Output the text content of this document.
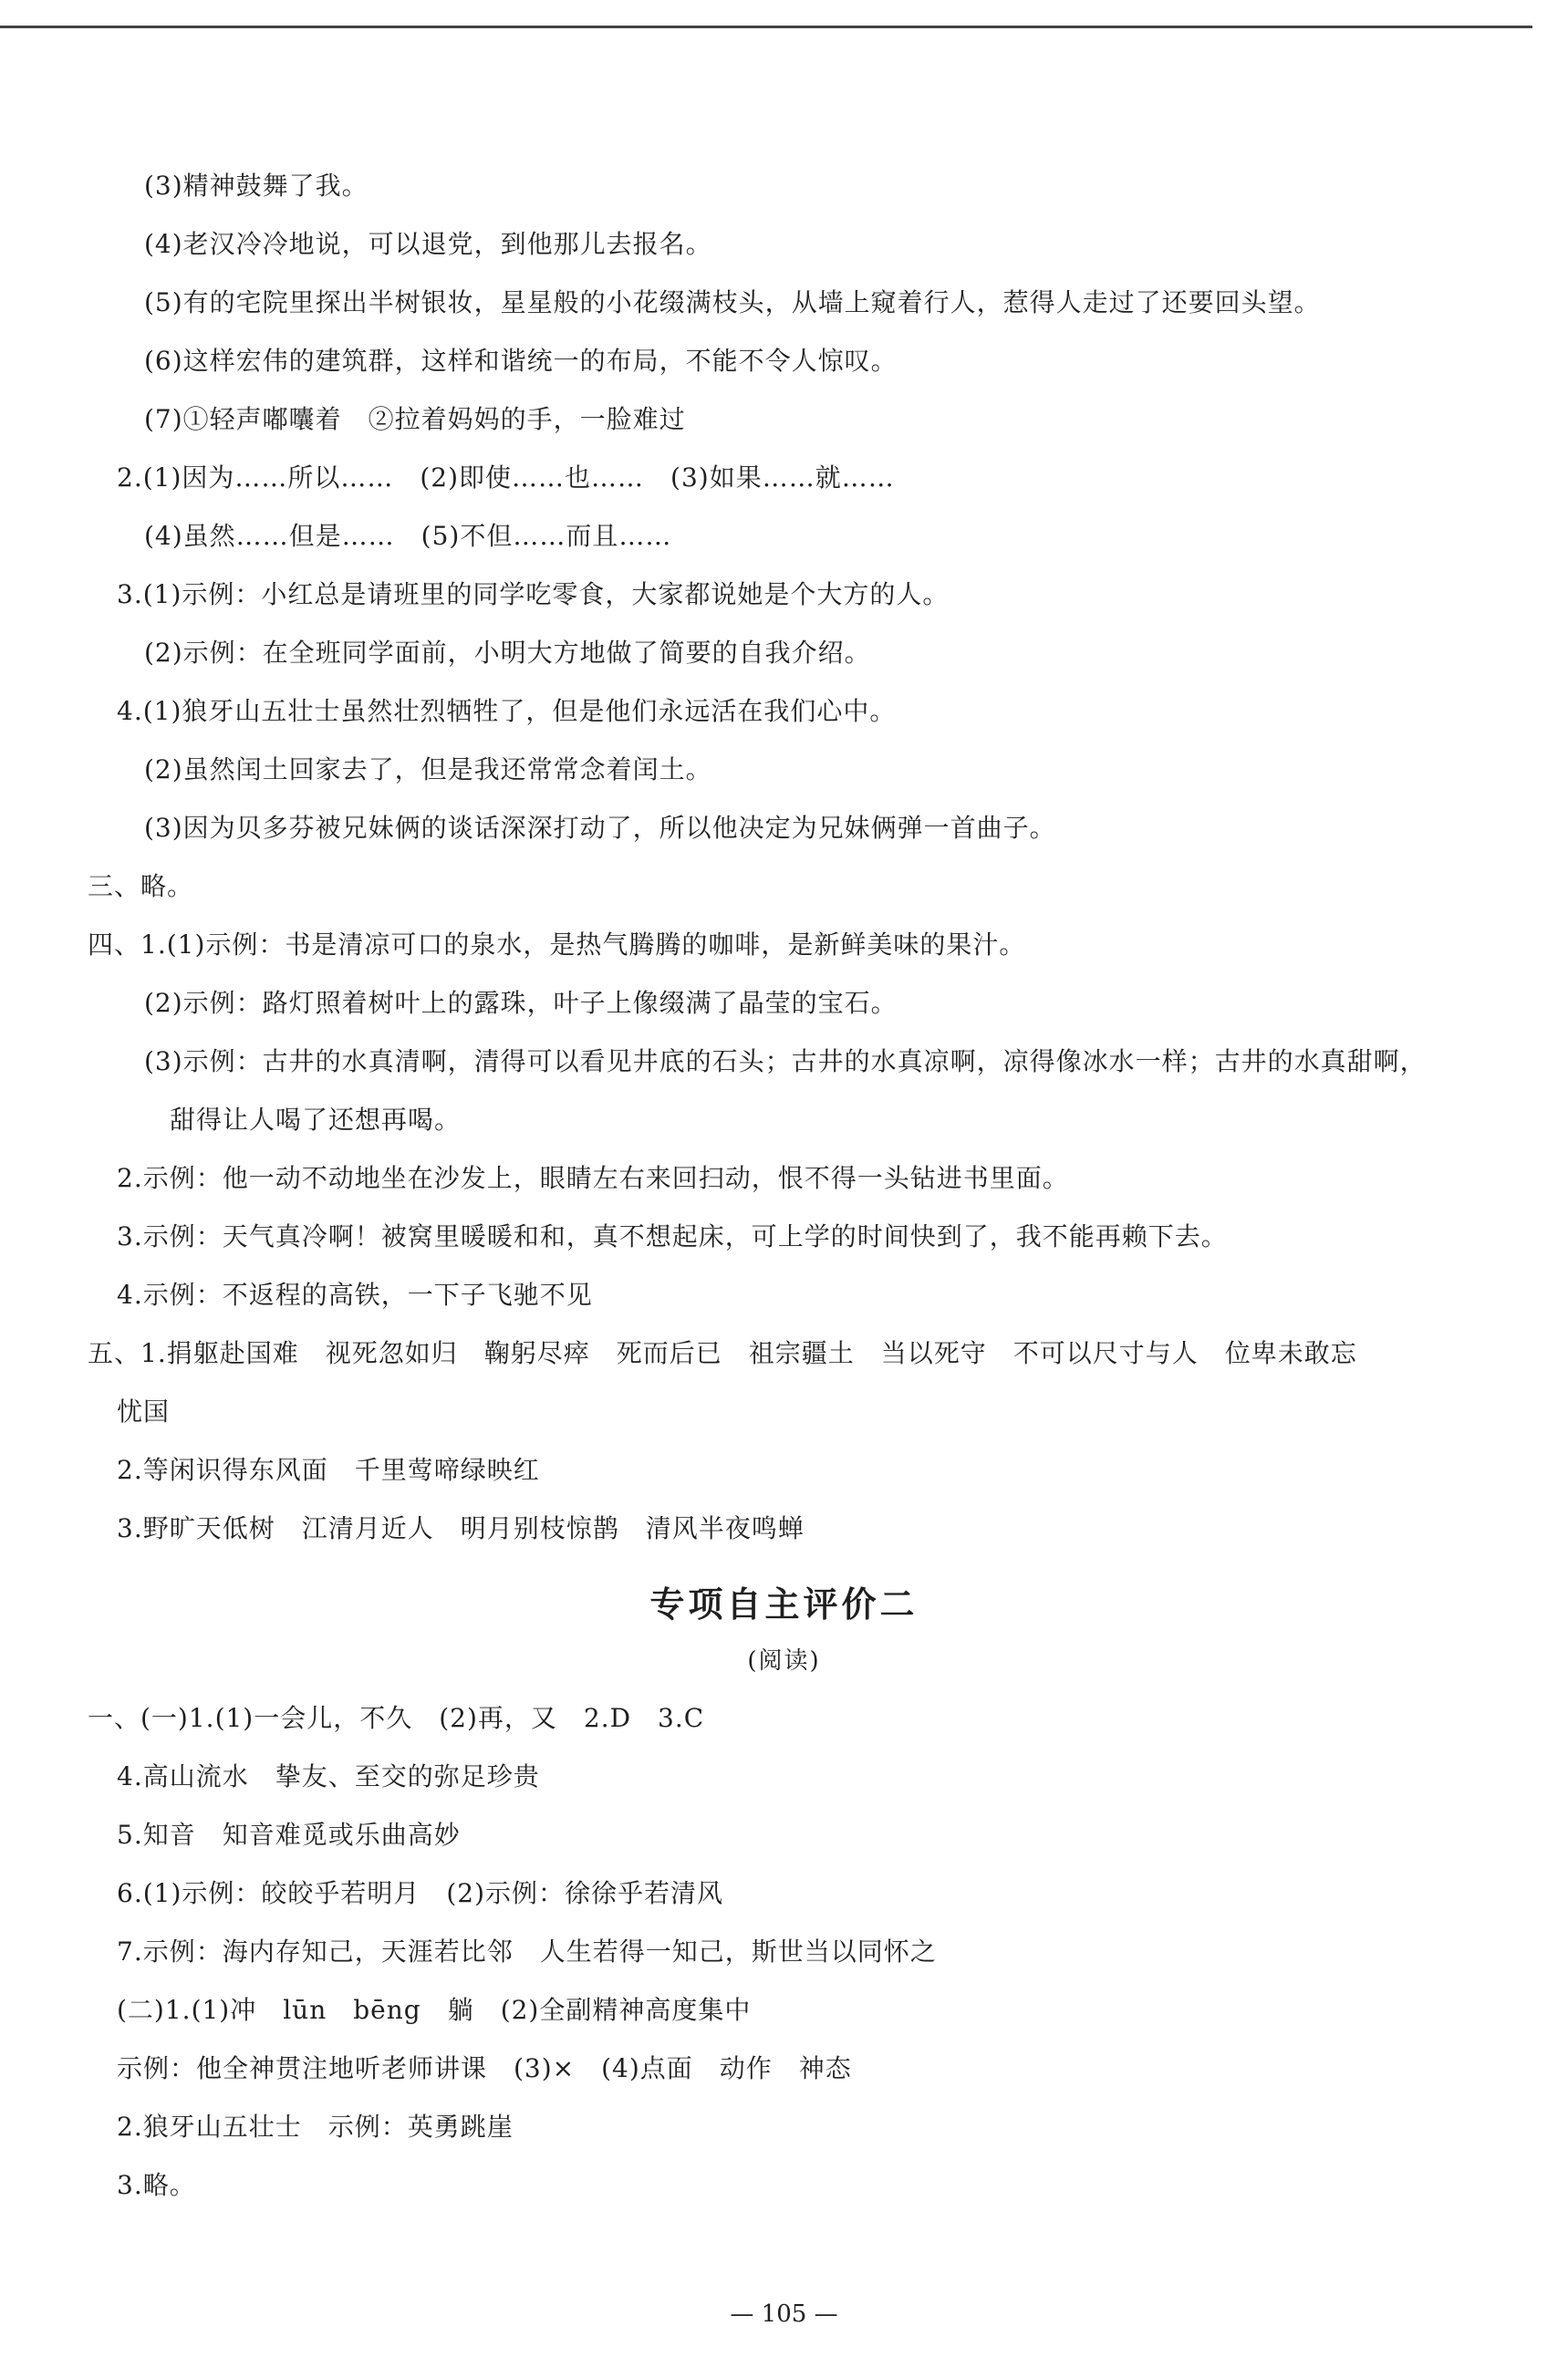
(3)精神鼓舞了我。
(4)老汉冷冷地说，可以退党，到他那儿去报名。
(5)有的宅院里探出半树银妆，星星般的小花缀满枝头，从墙上窥着行人，惹得人走过了还要回头望。
(6)这样宏伟的建筑群，这样和谐统一的布局，不能不令人惊叹。
(7)①轻声嘟囔着　②拉着妈妈的手，一脸难过
2.(1)因为……所以……　(2)即使……也……　(3)如果……就……
(4)虽然……但是……　(5)不但……而且……
3.(1)示例：小红总是请班里的同学吃零食，大家都说她是个大方的人。
(2)示例：在全班同学面前，小明大方地做了简要的自我介绍。
4.(1)狼牙山五壮士虽然壮烈牺牲了，但是他们永远活在我们心中。
(2)虽然闰土回家去了，但是我还常常念着闰土。
(3)因为贝多芬被兄妹俩的谈话深深打动了，所以他决定为兄妹俩弹一首曲子。
三、略。
四、1.(1)示例：书是清凉可口的泉水，是热气腾腾的咖啡，是新鲜美味的果汁。
(2)示例：路灯照着树叶上的露珠，叶子上像缀满了晶莹的宝石。
(3)示例：古井的水真清啊，清得可以看见井底的石头；古井的水真凉啊，凉得像冰水一样；古井的水真甜啊，
甜得让人喝了还想再喝。
2.示例：他一动不动地坐在沙发上，眼睛左右来回扫动，恨不得一头钻进书里面。
3.示例：天气真冷啊！被窝里暖暖和和，真不想起床，可上学的时间快到了，我不能再赖下去。
4.示例：不返程的高铁，一下子飞驰不见
五、1.捐躯赴国难　视死忽如归　鞠躬尽瘁　死而后已　祖宗疆土　当以死守　不可以尺寸与人　位卑未敢忘
忧国
2.等闲识得东风面　千里莺啼绿映红
3.野旷天低树　江清月近人　明月别枝惊鹊　清风半夜鸣蝉
专项自主评价二
(阅读)
一、(一)1.(1)一会儿，不久　(2)再，又　2.D　3.C
4.高山流水　挚友、至交的弥足珍贵
5.知音　知音难觅或乐曲高妙
6.(1)示例：皎皎乎若明月　(2)示例：徐徐乎若清风
7.示例：海内存知己，天涯若比邻　人生若得一知己，斯世当以同怀之
(二)1.(1)冲　lūn　bēng　躺　(2)全副精神高度集中
示例：他全神贯注地听老师讲课　(3)×　(4)点面　动作　神态
2.狼牙山五壮士　示例：英勇跳崖
3.略。
— 105 —
